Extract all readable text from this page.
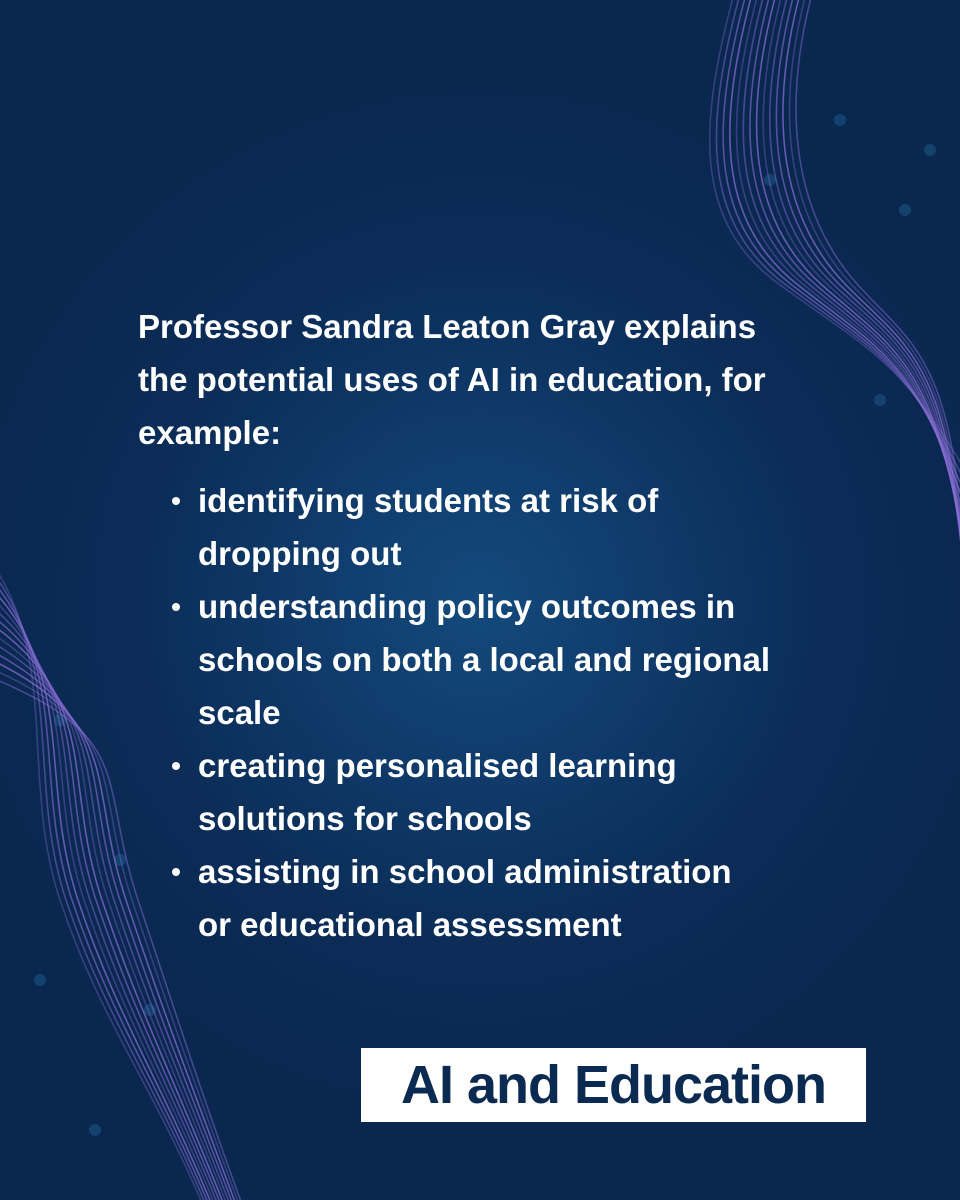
Professor Sandra Leaton Gray explains
the potential uses of AI in education, for
example:

identifying students at risk of
dropping out
understanding policy outcomes in
schools on both a local and regional
scale
creating personalised learning
solutions for schools
assisting in school administration
or educational assessment
AI and Education
